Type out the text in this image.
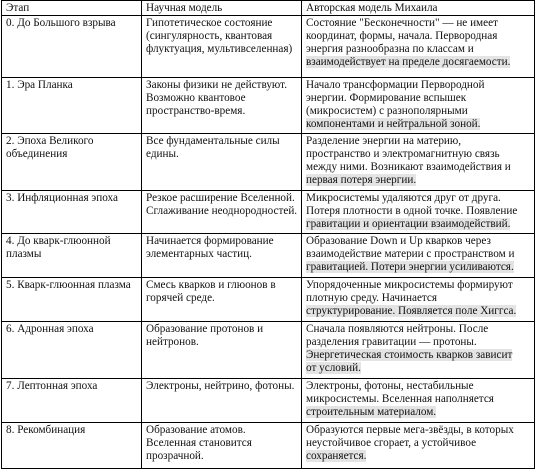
Этап	Научная модель	Авторская модель Михаила
0. До Большого взрыва	Гипотетическое состояние (сингулярность, квантовая флуктуация, мультивселенная)	Состояние "Бесконечности" — не имеет

координат, формы, начала. Первородная

энергия разнообразна по классам и

взаимодействует на пределе досягаемости.

1. Эра Планка	Законы физики не действуют. Возможно квантовое пространство-время.	Начало трансформации Первородной

энергии. Формирование вспышек

(микросистем) с разнополярными

компонентами и нейтральной зоной.

2. Эпоха Великого объединения	Все фундаментальные силы едины.	Разделение энергии на материю,

пространство и электромагнитную связь

между ними. Возникают взаимодействия и

первая потеря энергии.

3. Инфляционная эпоха	Резкое расширение Вселенной. Сглаживание неоднородностей.	Микросистемы удаляются друг от друга.

Потеря плотности в одной точке. Появление

гравитации и ориентации взаимодействий.

4. До кварк-глюонной плазмы	Начинается формирование элементарных частиц.	Образование Down и Up кварков через

взаимодействие материи с пространством и

гравитацией. Потери энергии усиливаются.

5. Кварк-глюонная плазма	Смесь кварков и глюонов в горячей среде.	Упорядоченные микросистемы формируют

плотную среду. Начинается

структурирование. Появляется поле Хиггса.

6. Адронная эпоха	Образование протонов и нейтронов.	Сначала появляются нейтроны. После

разделения гравитации — протоны.

Энергетическая стоимость кварков зависит

от условий.

7. Лептонная эпоха	Электроны, нейтрино, фотоны.	Электроны, фотоны, нестабильные

микросистемы. Вселенная наполняется

строительным материалом.

8. Рекомбинация	Образование атомов. Вселенная становится прозрачной.	Образуются первые мега-звёзды, в которых

неустойчивое сгорает, а устойчивое

сохраняется.
